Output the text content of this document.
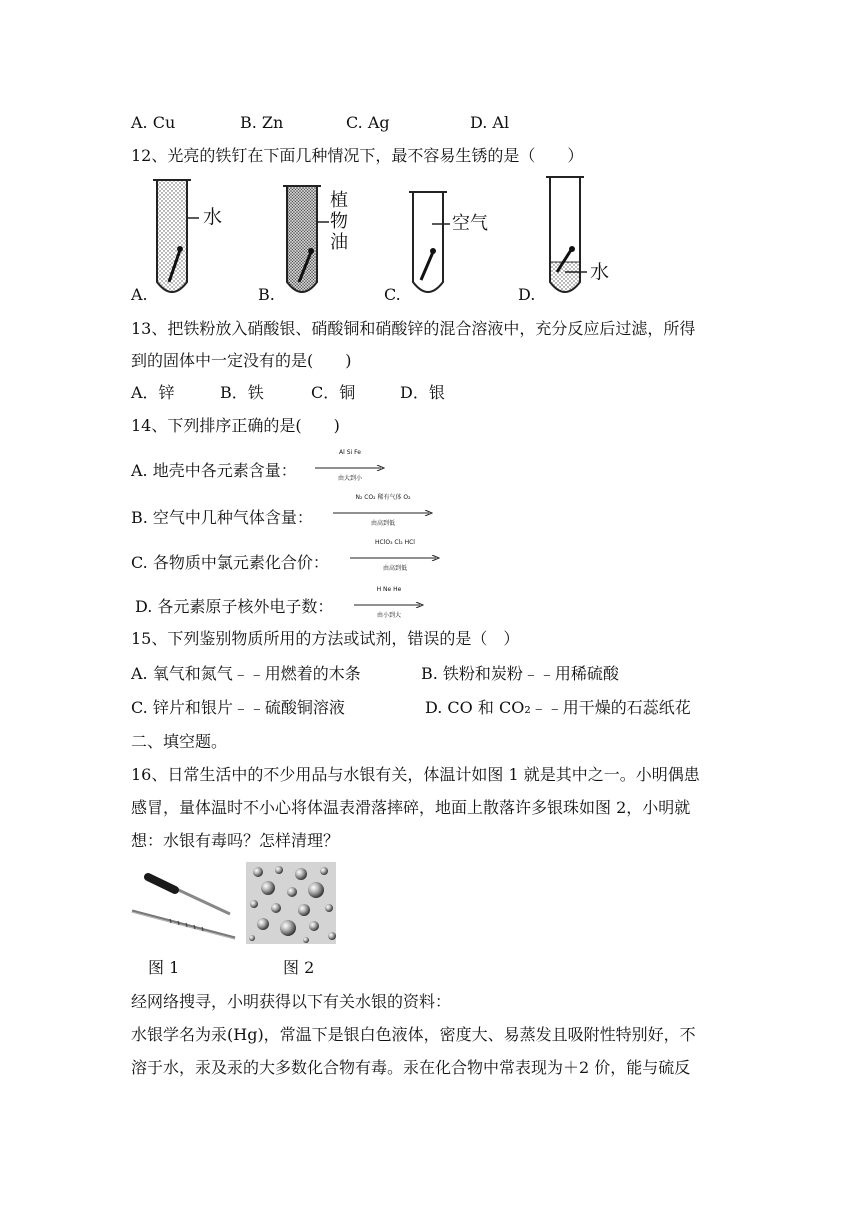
A. Cu	B. Zn	C. Ag	D. Al
12、光亮的铁钉在下面几种情况下，最不容易生锈的是（　　）
水
植
物
油
空气
水
A.	B.	C.	D.
13、把铁粉放入硝酸银、硝酸铜和硝酸锌的混合溶液中，充分反应后过滤，所得
到的固体中一定没有的是(　　)
A．锌	B．铁	C．铜	D．银
14、下列排序正确的是(　　)
A. 地壳中各元素含量：
Al Si Fe
由大到小
B. 空气中几种气体含量：
N₂ CO₂ 稀有气体 O₂
由高到低
C. 各物质中氯元素化合价：
HClO₃ Cl₂ HCl
由高到低
D. 各元素原子核外电子数：
H Ne He
由小到大
15、下列鉴别物质所用的方法或试剂，错误的是（　）
A. 氧气和氮气﹣﹣用燃着的木条	B. 铁粉和炭粉﹣﹣用稀硫酸
C. 锌片和银片﹣﹣硫酸铜溶液	D. CO 和 CO₂﹣﹣用干燥的石蕊纸花
二、填空题。
16、日常生活中的不少用品与水银有关，体温计如图 1 就是其中之一。小明偶患
感冒，量体温时不小心将体温表滑落摔碎，地面上散落许多银珠如图 2，小明就
想：水银有毒吗？怎样清理？
图 1	图 2
经网络搜寻，小明获得以下有关水银的资料：
水银学名为汞(Hg)，常温下是银白色液体，密度大、易蒸发且吸附性特别好，不
溶于水，汞及汞的大多数化合物有毒。汞在化合物中常表现为＋2 价，能与硫反
